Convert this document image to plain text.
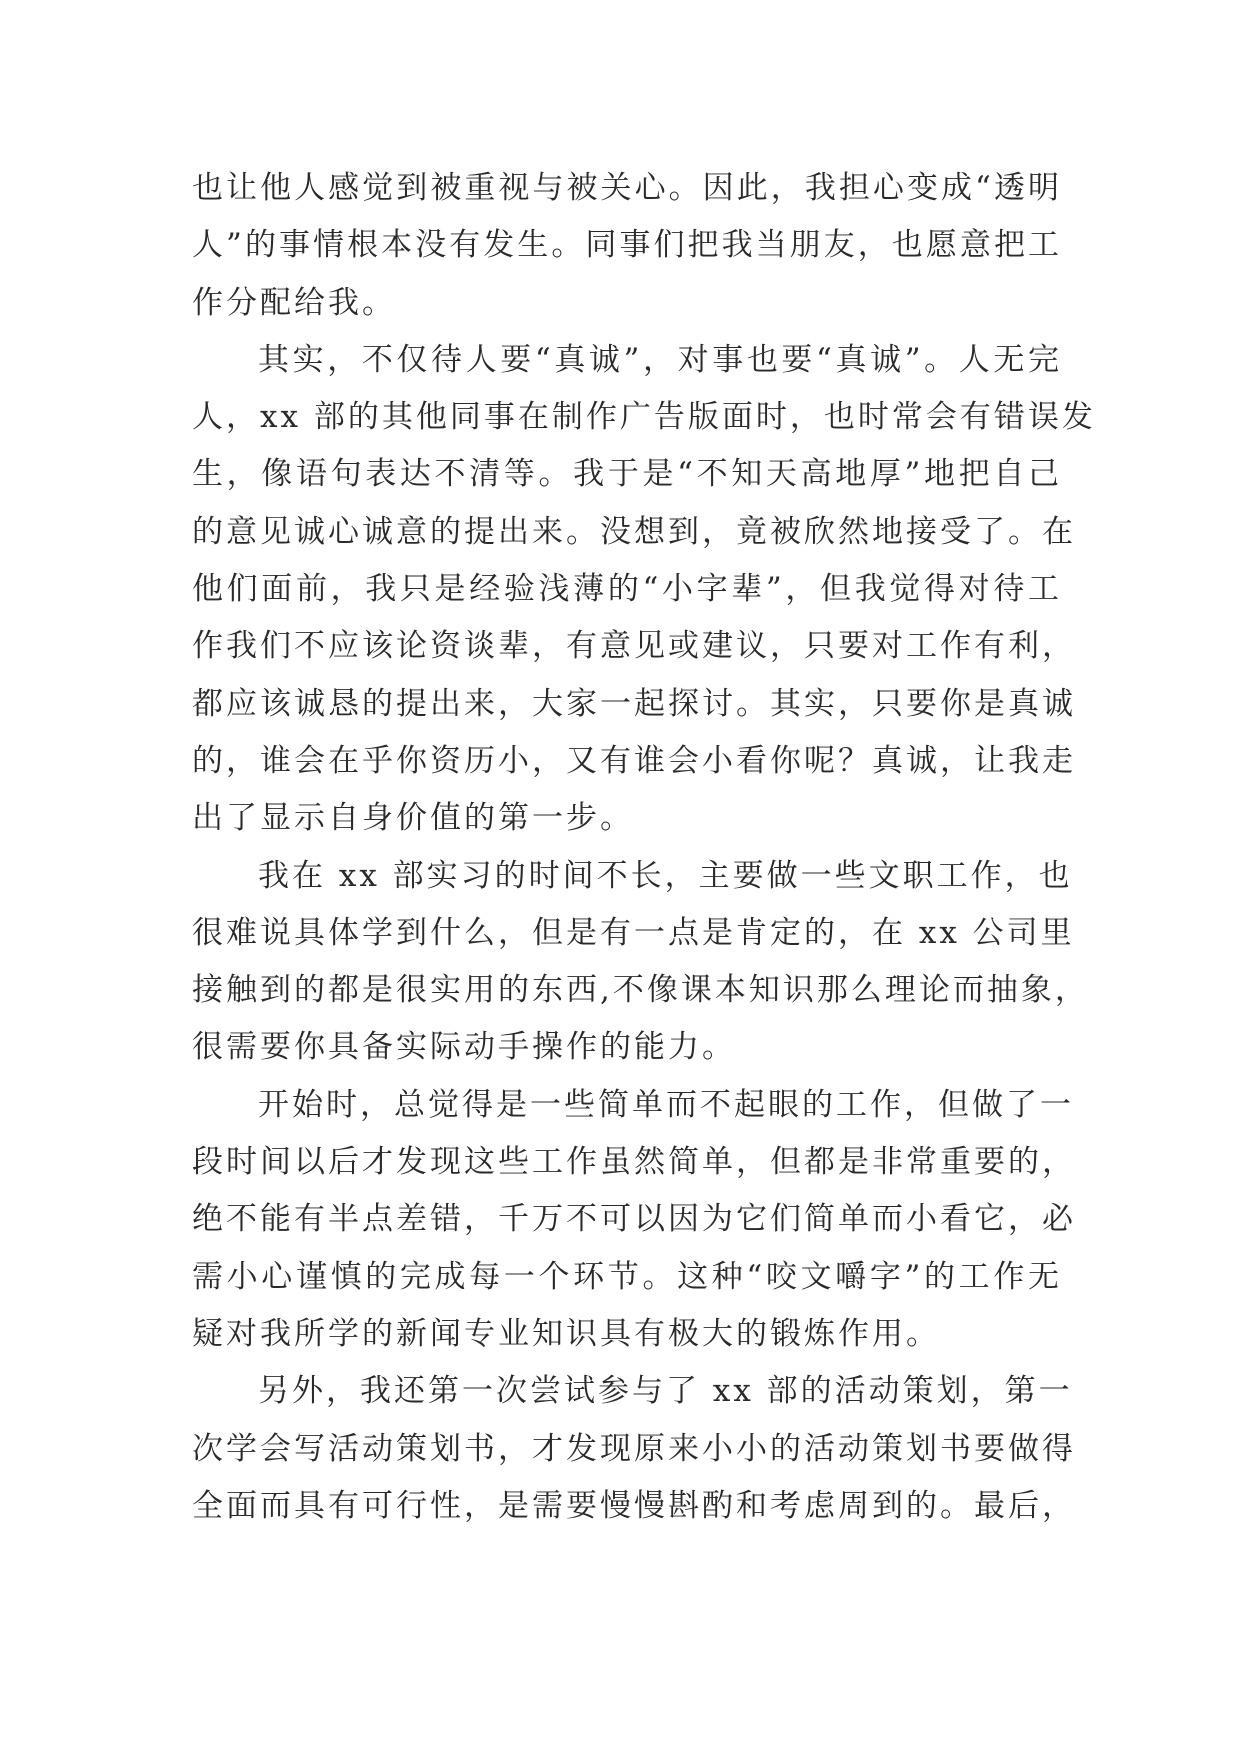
也让他人感觉到被重视与被关心。因此，我担心变成“透明
人”的事情根本没有发生。同事们把我当朋友，也愿意把工
作分配给我。
其实，不仅待人要“真诚”，对事也要“真诚”。人无完
人，xx 部的其他同事在制作广告版面时，也时常会有错误发
生，像语句表达不清等。我于是“不知天高地厚”地把自己
的意见诚心诚意的提出来。没想到，竟被欣然地接受了。在
他们面前，我只是经验浅薄的“小字辈”，但我觉得对待工
作我们不应该论资谈辈，有意见或建议，只要对工作有利，
都应该诚恳的提出来，大家一起探讨。其实，只要你是真诚
的，谁会在乎你资历小，又有谁会小看你呢？真诚，让我走
出了显示自身价值的第一步。
我在 xx 部实习的时间不长，主要做一些文职工作，也
很难说具体学到什么，但是有一点是肯定的，在 xx 公司里
接触到的都是很实用的东西,不像课本知识那么理论而抽象，
很需要你具备实际动手操作的能力。
开始时，总觉得是一些简单而不起眼的工作，但做了一
段时间以后才发现这些工作虽然简单，但都是非常重要的，
绝不能有半点差错，千万不可以因为它们简单而小看它，必
需小心谨慎的完成每一个环节。这种“咬文嚼字”的工作无
疑对我所学的新闻专业知识具有极大的锻炼作用。
另外，我还第一次尝试参与了 xx 部的活动策划，第一
次学会写活动策划书，才发现原来小小的活动策划书要做得
全面而具有可行性，是需要慢慢斟酌和考虑周到的。最后，
